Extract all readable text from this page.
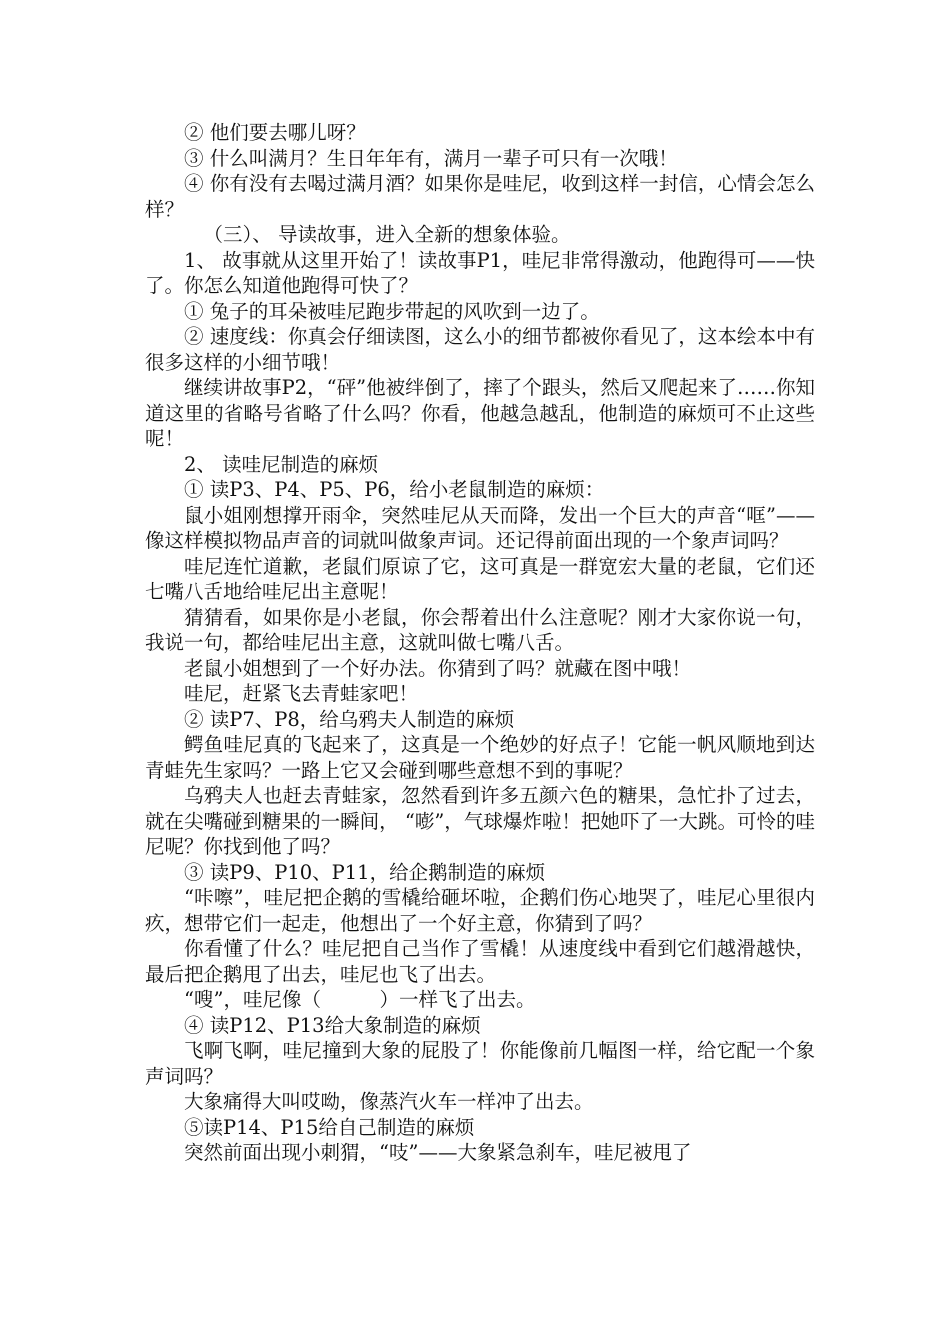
② 他们要去哪儿呀？

③ 什么叫满月？生日年年有，满月一辈子可只有一次哦！

④ 你有没有去喝过满月酒？如果你是哇尼，收到这样一封信，心情会怎么样？

（三）、 导读故事，进入全新的想象体验。

1、 故事就从这里开始了！读故事P1，哇尼非常得激动，他跑得可——快了。你怎么知道他跑得可快了？

① 兔子的耳朵被哇尼跑步带起的风吹到一边了。

② 速度线：你真会仔细读图，这么小的细节都被你看见了，这本绘本中有很多这样的小细节哦！

继续讲故事P2，“砰”他被绊倒了，摔了个跟头，然后又爬起来了……你知道这里的省略号省略了什么吗？你看，他越急越乱，他制造的麻烦可不止这些呢！

2、 读哇尼制造的麻烦

① 读P3、P4、P5、P6，给小老鼠制造的麻烦：

鼠小姐刚想撑开雨伞，突然哇尼从天而降，发出一个巨大的声音“哐”——像这样模拟物品声音的词就叫做象声词。还记得前面出现的一个象声词吗？

哇尼连忙道歉，老鼠们原谅了它，这可真是一群宽宏大量的老鼠，它们还七嘴八舌地给哇尼出主意呢！

猜猜看，如果你是小老鼠，你会帮着出什么注意呢？刚才大家你说一句，我说一句，都给哇尼出主意，这就叫做七嘴八舌。

老鼠小姐想到了一个好办法。你猜到了吗？就藏在图中哦！

哇尼，赶紧飞去青蛙家吧！

② 读P7、P8，给乌鸦夫人制造的麻烦

鳄鱼哇尼真的飞起来了，这真是一个绝妙的好点子！它能一帆风顺地到达青蛙先生家吗？一路上它又会碰到哪些意想不到的事呢？

乌鸦夫人也赶去青蛙家，忽然看到许多五颜六色的糖果，急忙扑了过去，就在尖嘴碰到糖果的一瞬间， “嘭”，气球爆炸啦！把她吓了一大跳。可怜的哇尼呢？你找到他了吗？

③ 读P9、P10、P11，给企鹅制造的麻烦

“咔嚓”，哇尼把企鹅的雪橇给砸坏啦，企鹅们伤心地哭了，哇尼心里很内疚，想带它们一起走，他想出了一个好主意，你猜到了吗？

你看懂了什么？哇尼把自己当作了雪橇！从速度线中看到它们越滑越快，最后把企鹅甩了出去，哇尼也飞了出去。

“嗖”，哇尼像（　　　）一样飞了出去。

④ 读P12、P13给大象制造的麻烦

飞啊飞啊，哇尼撞到大象的屁股了！你能像前几幅图一样，给它配一个象声词吗？

大象痛得大叫哎呦，像蒸汽火车一样冲了出去。

⑤读P14、P15给自己制造的麻烦

突然前面出现小刺猬，“吱”——大象紧急刹车，哇尼被甩了
